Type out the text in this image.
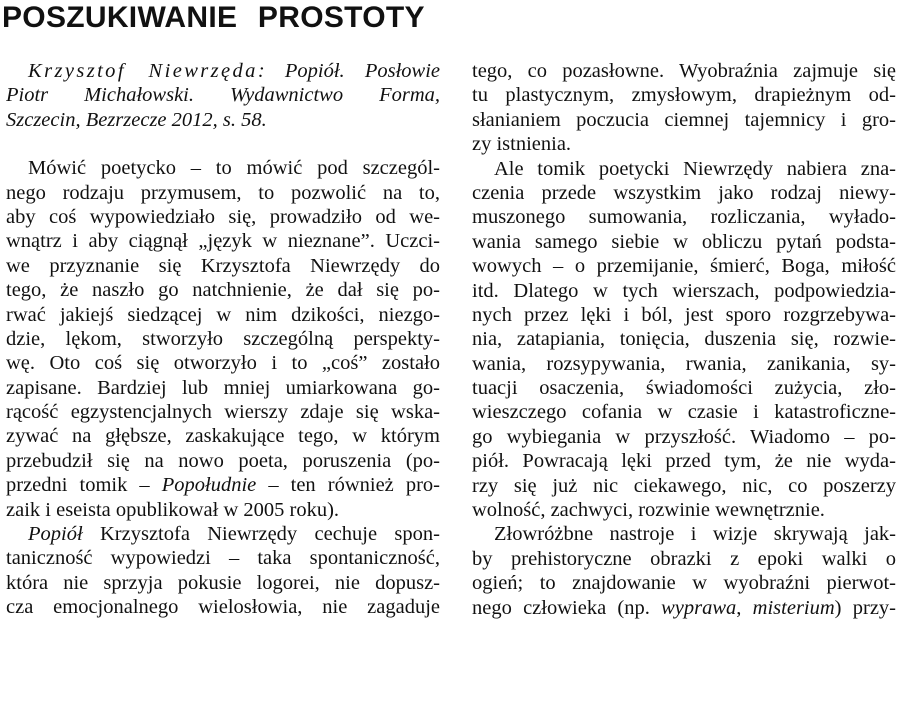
POSZUKIWANIE PROSTOTY
Krzysztof Niewrzęda: Popiół. Posłowie
Piotr Michałowski. Wydawnictwo Forma,
Szczecin, Bezrzecze 2012, s. 58.
Mówić poetycko – to mówić pod szczegól-
nego rodzaju przymusem, to pozwolić na to,
aby coś wypowiedziało się, prowadziło od we-
wnątrz i aby ciągnął „język w nieznane”. Uczci-
we przyznanie się Krzysztofa Niewrzędy do
tego, że naszło go natchnienie, że dał się po-
rwać jakiejś siedzącej w nim dzikości, niezgo-
dzie, lękom, stworzyło szczególną perspekty-
wę. Oto coś się otworzyło i to „coś” zostało
zapisane. Bardziej lub mniej umiarkowana go-
rącość egzystencjalnych wierszy zdaje się wska-
zywać na głębsze, zaskakujące tego, w którym
przebudził się na nowo poeta, poruszenia (po-
przedni tomik – Popołudnie – ten również pro-
zaik i eseista opublikował w 2005 roku).
Popiół Krzysztofa Niewrzędy cechuje spon-
taniczność wypowiedzi – taka spontaniczność,
która nie sprzyja pokusie logorei, nie dopusz-
cza emocjonalnego wielosłowia, nie zagaduje
tego, co pozasłowne. Wyobraźnia zajmuje się
tu plastycznym, zmysłowym, drapieżnym od-
słanianiem poczucia ciemnej tajemnicy i gro-
zy istnienia.
Ale tomik poetycki Niewrzędy nabiera zna-
czenia przede wszystkim jako rodzaj niewy-
muszonego sumowania, rozliczania, wyłado-
wania samego siebie w obliczu pytań podsta-
wowych – o przemijanie, śmierć, Boga, miłość
itd. Dlatego w tych wierszach, podpowiedzia-
nych przez lęki i ból, jest sporo rozgrzebywa-
nia, zatapiania, tonięcia, duszenia się, rozwie-
wania, rozsypywania, rwania, zanikania, sy-
tuacji osaczenia, świadomości zużycia, zło-
wieszczego cofania w czasie i katastroficzne-
go wybiegania w przyszłość. Wiadomo – po-
piół. Powracają lęki przed tym, że nie wyda-
rzy się już nic ciekawego, nic, co poszerzy
wolność, zachwyci, rozwinie wewnętrznie.
Złowróżbne nastroje i wizje skrywają jak-
by prehistoryczne obrazki z epoki walki o
ogień; to znajdowanie w wyobraźni pierwot-
nego człowieka (np. wyprawa, misterium) przy-
